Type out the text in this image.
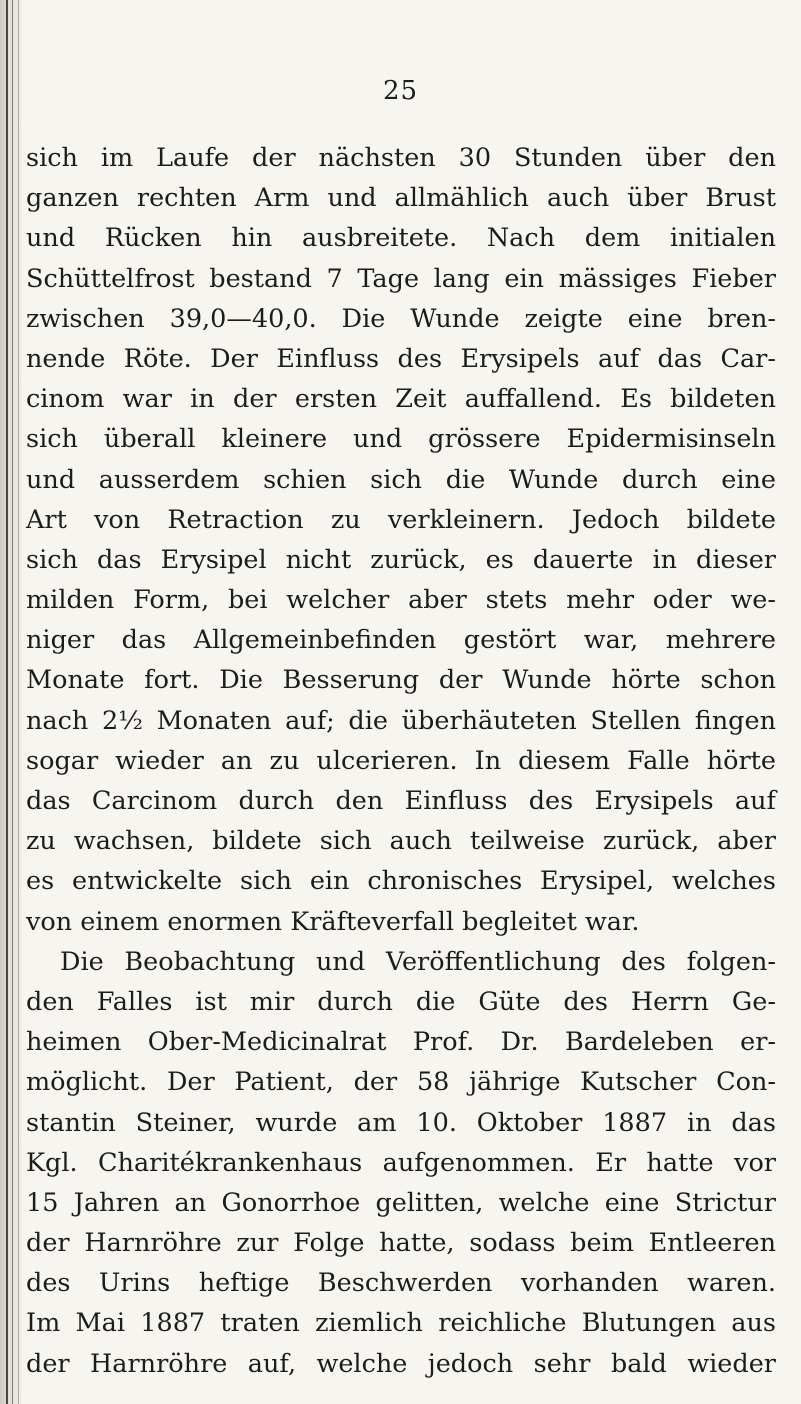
25
sich im Laufe der nächsten 30 Stunden über den
ganzen rechten Arm und allmählich auch über Brust
und Rücken hin ausbreitete. Nach dem initialen
Schüttelfrost bestand 7 Tage lang ein mässiges Fieber
zwischen 39,0—40,0. Die Wunde zeigte eine bren-
nende Röte. Der Einfluss des Erysipels auf das Car-
cinom war in der ersten Zeit auffallend. Es bildeten
sich überall kleinere und grössere Epidermisinseln
und ausserdem schien sich die Wunde durch eine
Art von Retraction zu verkleinern. Jedoch bildete
sich das Erysipel nicht zurück, es dauerte in dieser
milden Form, bei welcher aber stets mehr oder we-
niger das Allgemeinbefinden gestört war, mehrere
Monate fort. Die Besserung der Wunde hörte schon
nach 2½ Monaten auf; die überhäuteten Stellen fingen
sogar wieder an zu ulcerieren. In diesem Falle hörte
das Carcinom durch den Einfluss des Erysipels auf
zu wachsen, bildete sich auch teilweise zurück, aber
es entwickelte sich ein chronisches Erysipel, welches
von einem enormen Kräfteverfall begleitet war.
Die Beobachtung und Veröffentlichung des folgen-
den Falles ist mir durch die Güte des Herrn Ge-
heimen Ober-Medicinalrat Prof. Dr. Bardeleben er-
möglicht. Der Patient, der 58 jährige Kutscher Con-
stantin Steiner, wurde am 10. Oktober 1887 in das
Kgl. Charitékrankenhaus aufgenommen. Er hatte vor
15 Jahren an Gonorrhoe gelitten, welche eine Strictur
der Harnröhre zur Folge hatte, sodass beim Entleeren
des Urins heftige Beschwerden vorhanden waren.
Im Mai 1887 traten ziemlich reichliche Blutungen aus
der Harnröhre auf, welche jedoch sehr bald wieder
